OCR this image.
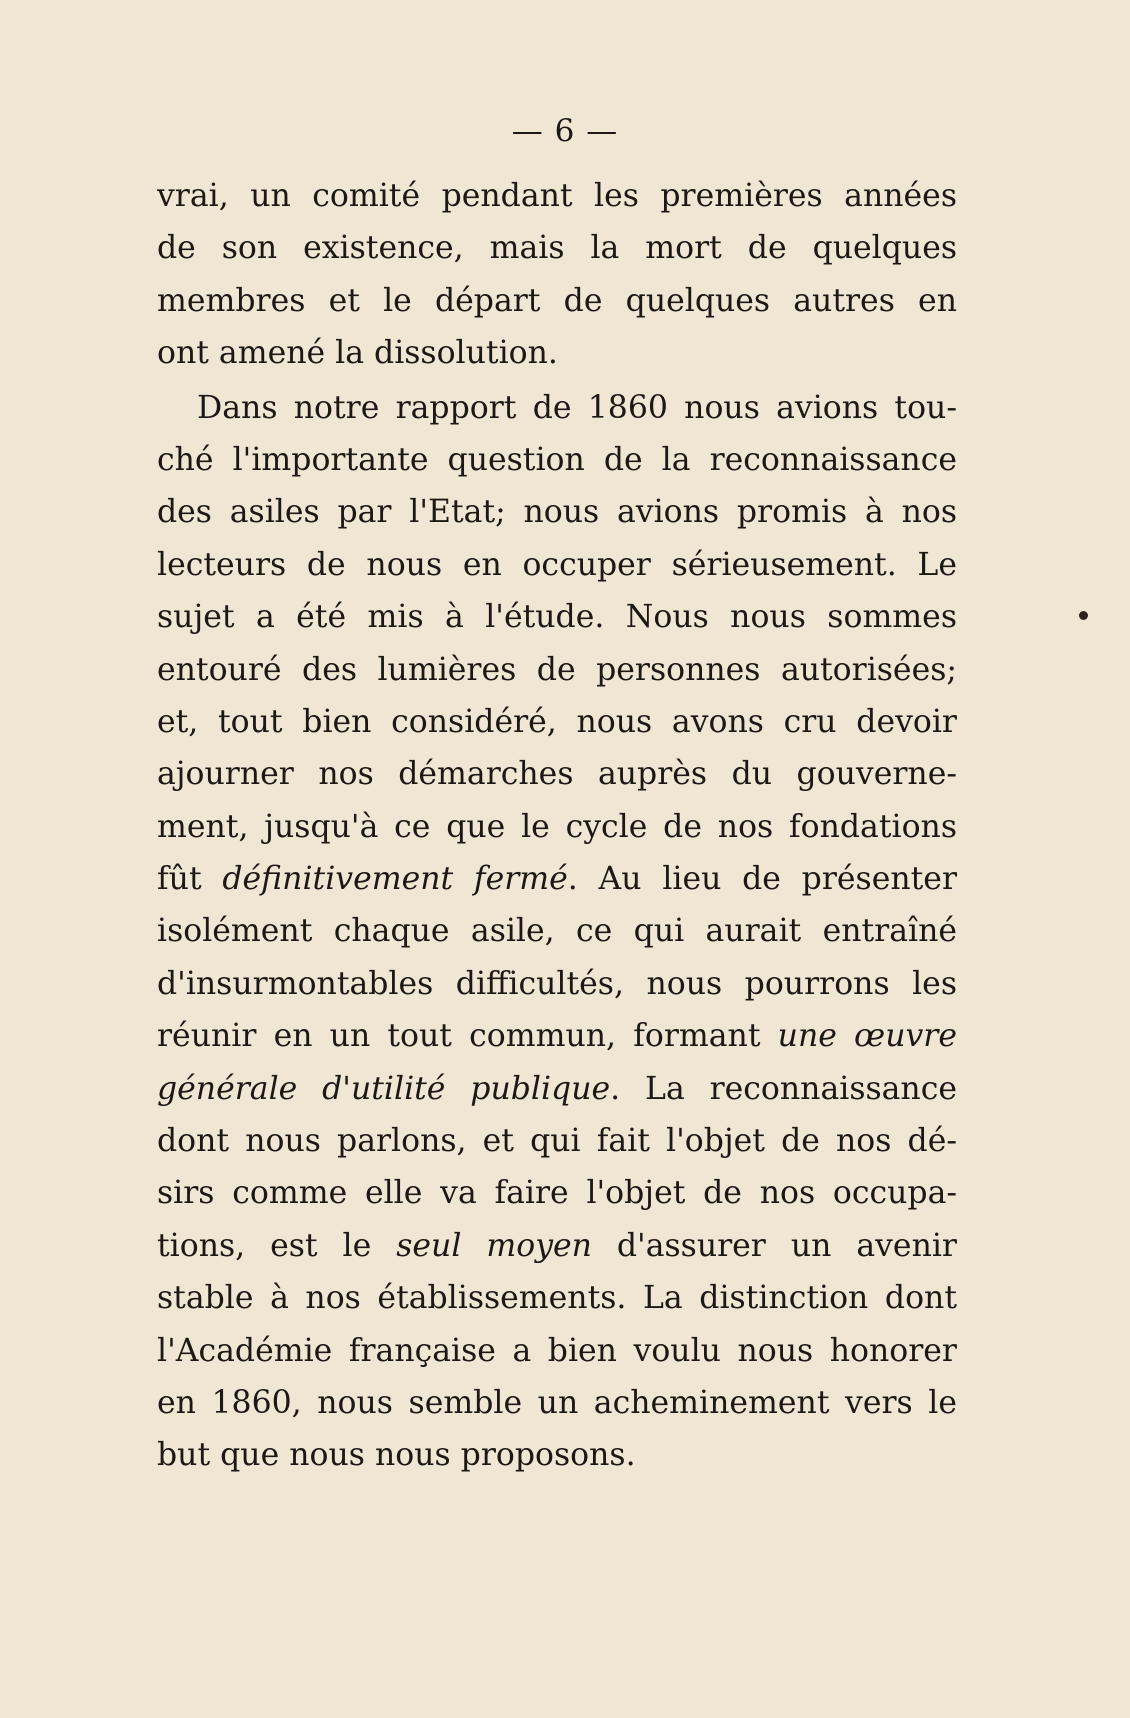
— 6 —
vrai, un comité pendant les premières années
de son existence, mais la mort de quelques
membres et le départ de quelques autres en
ont amené la dissolution.
Dans notre rapport de 1860 nous avions tou-
ché l'importante question de la reconnaissance
des asiles par l'Etat; nous avions promis à nos
lecteurs de nous en occuper sérieusement. Le
sujet a été mis à l'étude. Nous nous sommes
entouré des lumières de personnes autorisées;
et, tout bien considéré, nous avons cru devoir
ajourner nos démarches auprès du gouverne-
ment, jusqu'à ce que le cycle de nos fondations
fût définitivement fermé. Au lieu de présenter
isolément chaque asile, ce qui aurait entraîné
d'insurmontables difficultés, nous pourrons les
réunir en un tout commun, formant une œuvre
générale d'utilité publique. La reconnaissance
dont nous parlons, et qui fait l'objet de nos dé-
sirs comme elle va faire l'objet de nos occupa-
tions, est le seul moyen d'assurer un avenir
stable à nos établissements. La distinction dont
l'Académie française a bien voulu nous honorer
en 1860, nous semble un acheminement vers le
but que nous nous proposons.
